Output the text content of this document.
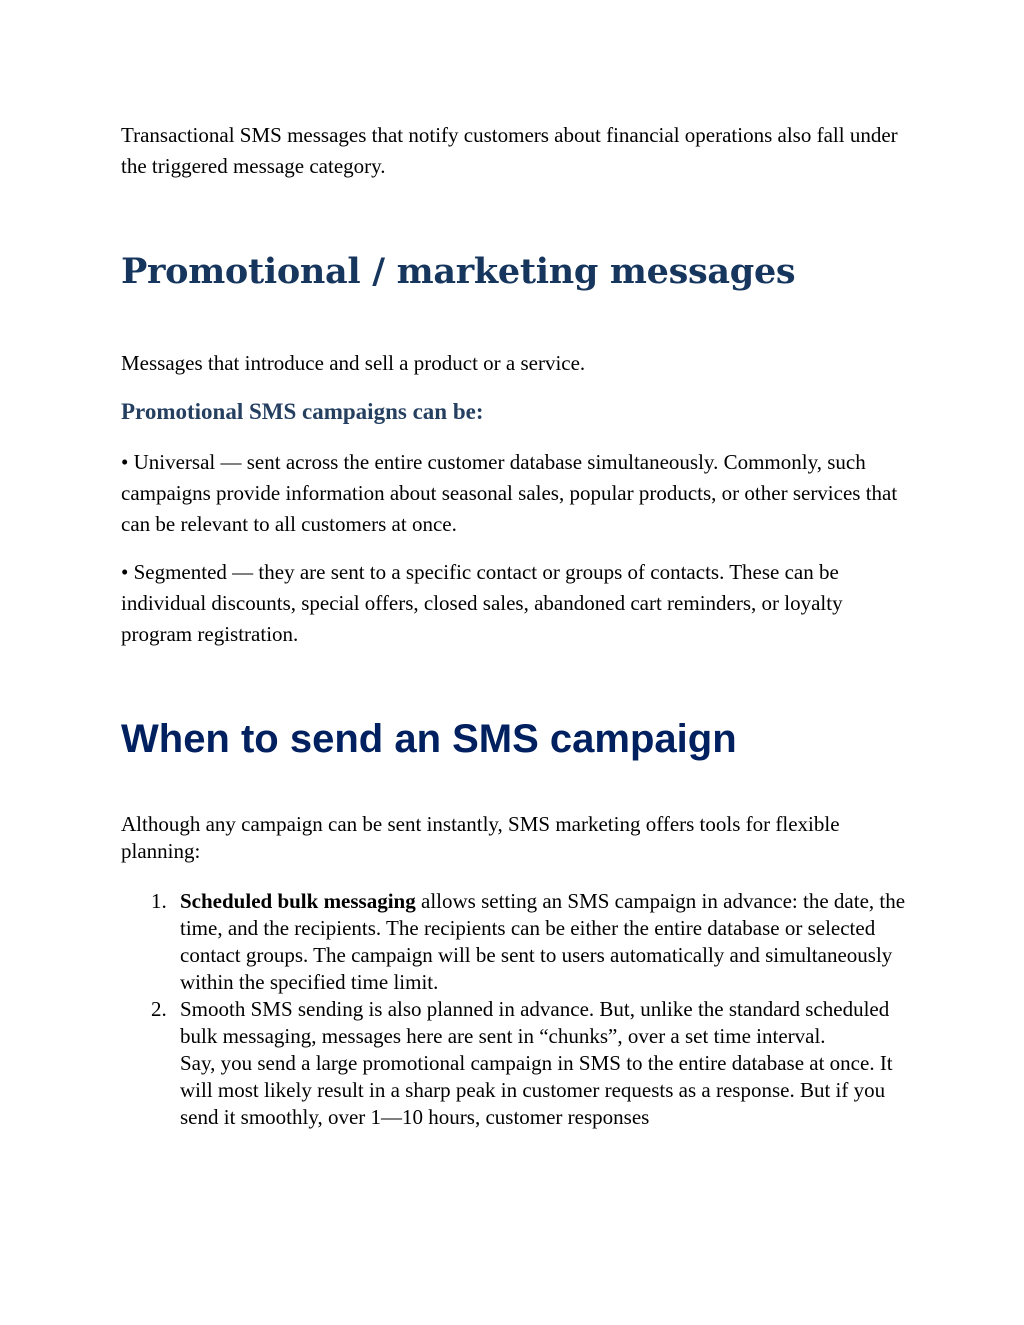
Transactional SMS messages that notify customers about financial operations also fall under the triggered message category.

Promotional / marketing messages

Messages that introduce and sell a product or a service.

Promotional SMS campaigns can be:

• Universal — sent across the entire customer database simultaneously. Commonly, such campaigns provide information about seasonal sales, popular products, or other services that can be relevant to all customers at once.

• Segmented — they are sent to a specific contact or groups of contacts. These can be individual discounts, special offers, closed sales, abandoned cart reminders, or loyalty program registration.

When to send an SMS campaign

Although any campaign can be sent instantly, SMS marketing offers tools for flexible planning:

1. Scheduled bulk messaging allows setting an SMS campaign in advance: the date, the time, and the recipients. The recipients can be either the entire database or selected contact groups. The campaign will be sent to users automatically and simultaneously within the specified time limit.
2. Smooth SMS sending is also planned in advance. But, unlike the standard scheduled bulk messaging, messages here are sent in “chunks”, over a set time interval.
Say, you send a large promotional campaign in SMS to the entire database at once. It will most likely result in a sharp peak in customer requests as a response. But if you send it smoothly, over 1—10 hours, customer responses
